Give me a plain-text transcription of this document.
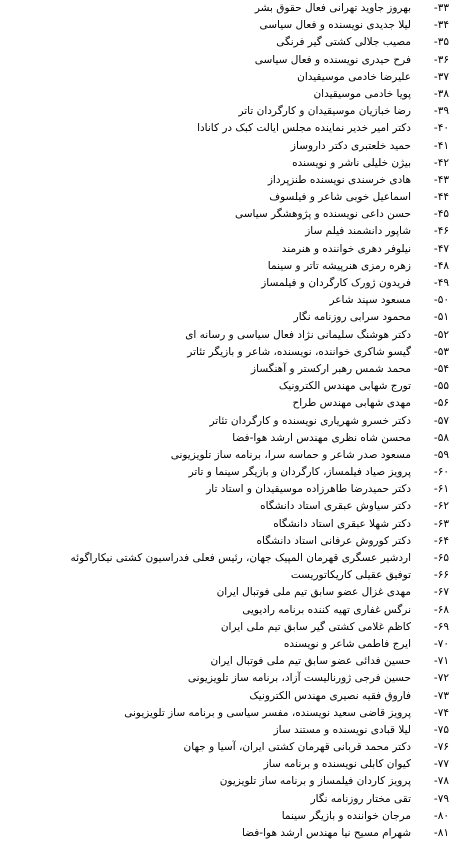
۳۳-
بهروز جاوید تهرانی فعال حقوق بشر
۳۴-
لیلا جدیدی نویسنده و فعال سیاسی
۳۵-
مصیب جلالی کشتی گیر فرنگی
۳۶-
فرح حیدری نویسنده و فعال سیاسی
۳۷-
علیرضا خادمی موسیقیدان
۳۸-
پویا خادمی موسیقیدان
۳۹-
رضا خبازیان موسیقیدان و کارگردان تاتر
۴۰-
دکتر امیر خدیر نماینده مجلس ایالت کبک در کانادا
۴۱-
حمید خلعتبری دکتر داروساز
۴۲-
بیژن خلیلی ناشر و نویسنده
۴۳-
هادی خرسندی نویسنده طنزپرداز
۴۴-
اسماعیل خوبی شاعر و فیلسوف
۴۵-
حسن داعی نویسنده و پژوهشگر سیاسی
۴۶-
شاپور دانشمند فیلم ساز
۴۷-
نیلوفر دهری خواننده و هنرمند
۴۸-
زهره رمزی هنرپیشه تاتر و سینما
۴۹-
فریدون ژورک کارگردان و فیلمساز
۵۰-
مسعود سپند شاعر
۵۱-
محمود سرابی روزنامه نگار
۵۲-
دکتر هوشنگ سلیمانی نژاد فعال سیاسی و رسانه ای
۵۳-
گیسو شاکری خواننده، نویسنده، شاعر و بازیگر تئاتر
۵۴-
محمد شمس رهبر ارکستر و آهنگساز
۵۵-
تورج شهابی مهندس الکترونیک
۵۶-
مهدی شهابی مهندس طراح
۵۷-
دکتر خسرو شهریاری نویسنده و کارگردان تئاتر
۵۸-
محسن شاه نظری مهندس ارشد هوا-فضا
۵۹-
مسعود صدر شاعر و حماسه سرا، برنامه ساز تلویزیونی
۶۰-
پرویز صیاد فیلمساز، کارگردان و بازیگر سینما و تاتر
۶۱-
دکتر حمیدرضا طاهرزاده موسیقیدان و استاد تار
۶۲-
دکتر سیاوش عبقری استاد دانشگاه
۶۳-
دکتر شهلا عبقری استاد دانشگاه
۶۴-
دکتر کوروش عرفانی استاد دانشگاه
۶۵-
اردشیر عسگری قهرمان المپیک جهان، رئیس فعلی فدراسیون کشتی نیکاراگوئه
۶۶-
توفیق عقیلی کاریکاتوریست
۶۷-
مهدی غزال عضو سابق تیم ملی فوتبال ایران
۶۸-
نرگس غفاری تهیه کننده برنامه رادیویی
۶۹-
کاظم غلامی کشتی گیر سابق تیم ملی ایران
۷۰-
ایرج فاطمی شاعر و نویسنده
۷۱-
حسین فدائی عضو سابق تیم ملی فوتبال ایران
۷۲-
حسین فرجی ژورنالیست آزاد، برنامه ساز تلویزیونی
۷۳-
فاروق فقیه نصیری مهندس الکترونیک
۷۴-
پرویز قاضی سعید نویسنده، مفسر سیاسی و برنامه ساز تلویزیونی
۷۵-
لیلا قبادی نویسنده و مستند ساز
۷۶-
دکتر محمد قربانی قهرمان کشتی ایران، آسیا و جهان
۷۷-
کیوان کابلی نویسنده و برنامه ساز
۷۸-
پرویز کاردان فیلمساز و برنامه ساز تلویزیون
۷۹-
تقی مختار روزنامه نگار
۸۰-
مرجان خواننده و بازیگر سینما
۸۱-
شهرام مسیح نیا مهندس ارشد هوا-فضا
